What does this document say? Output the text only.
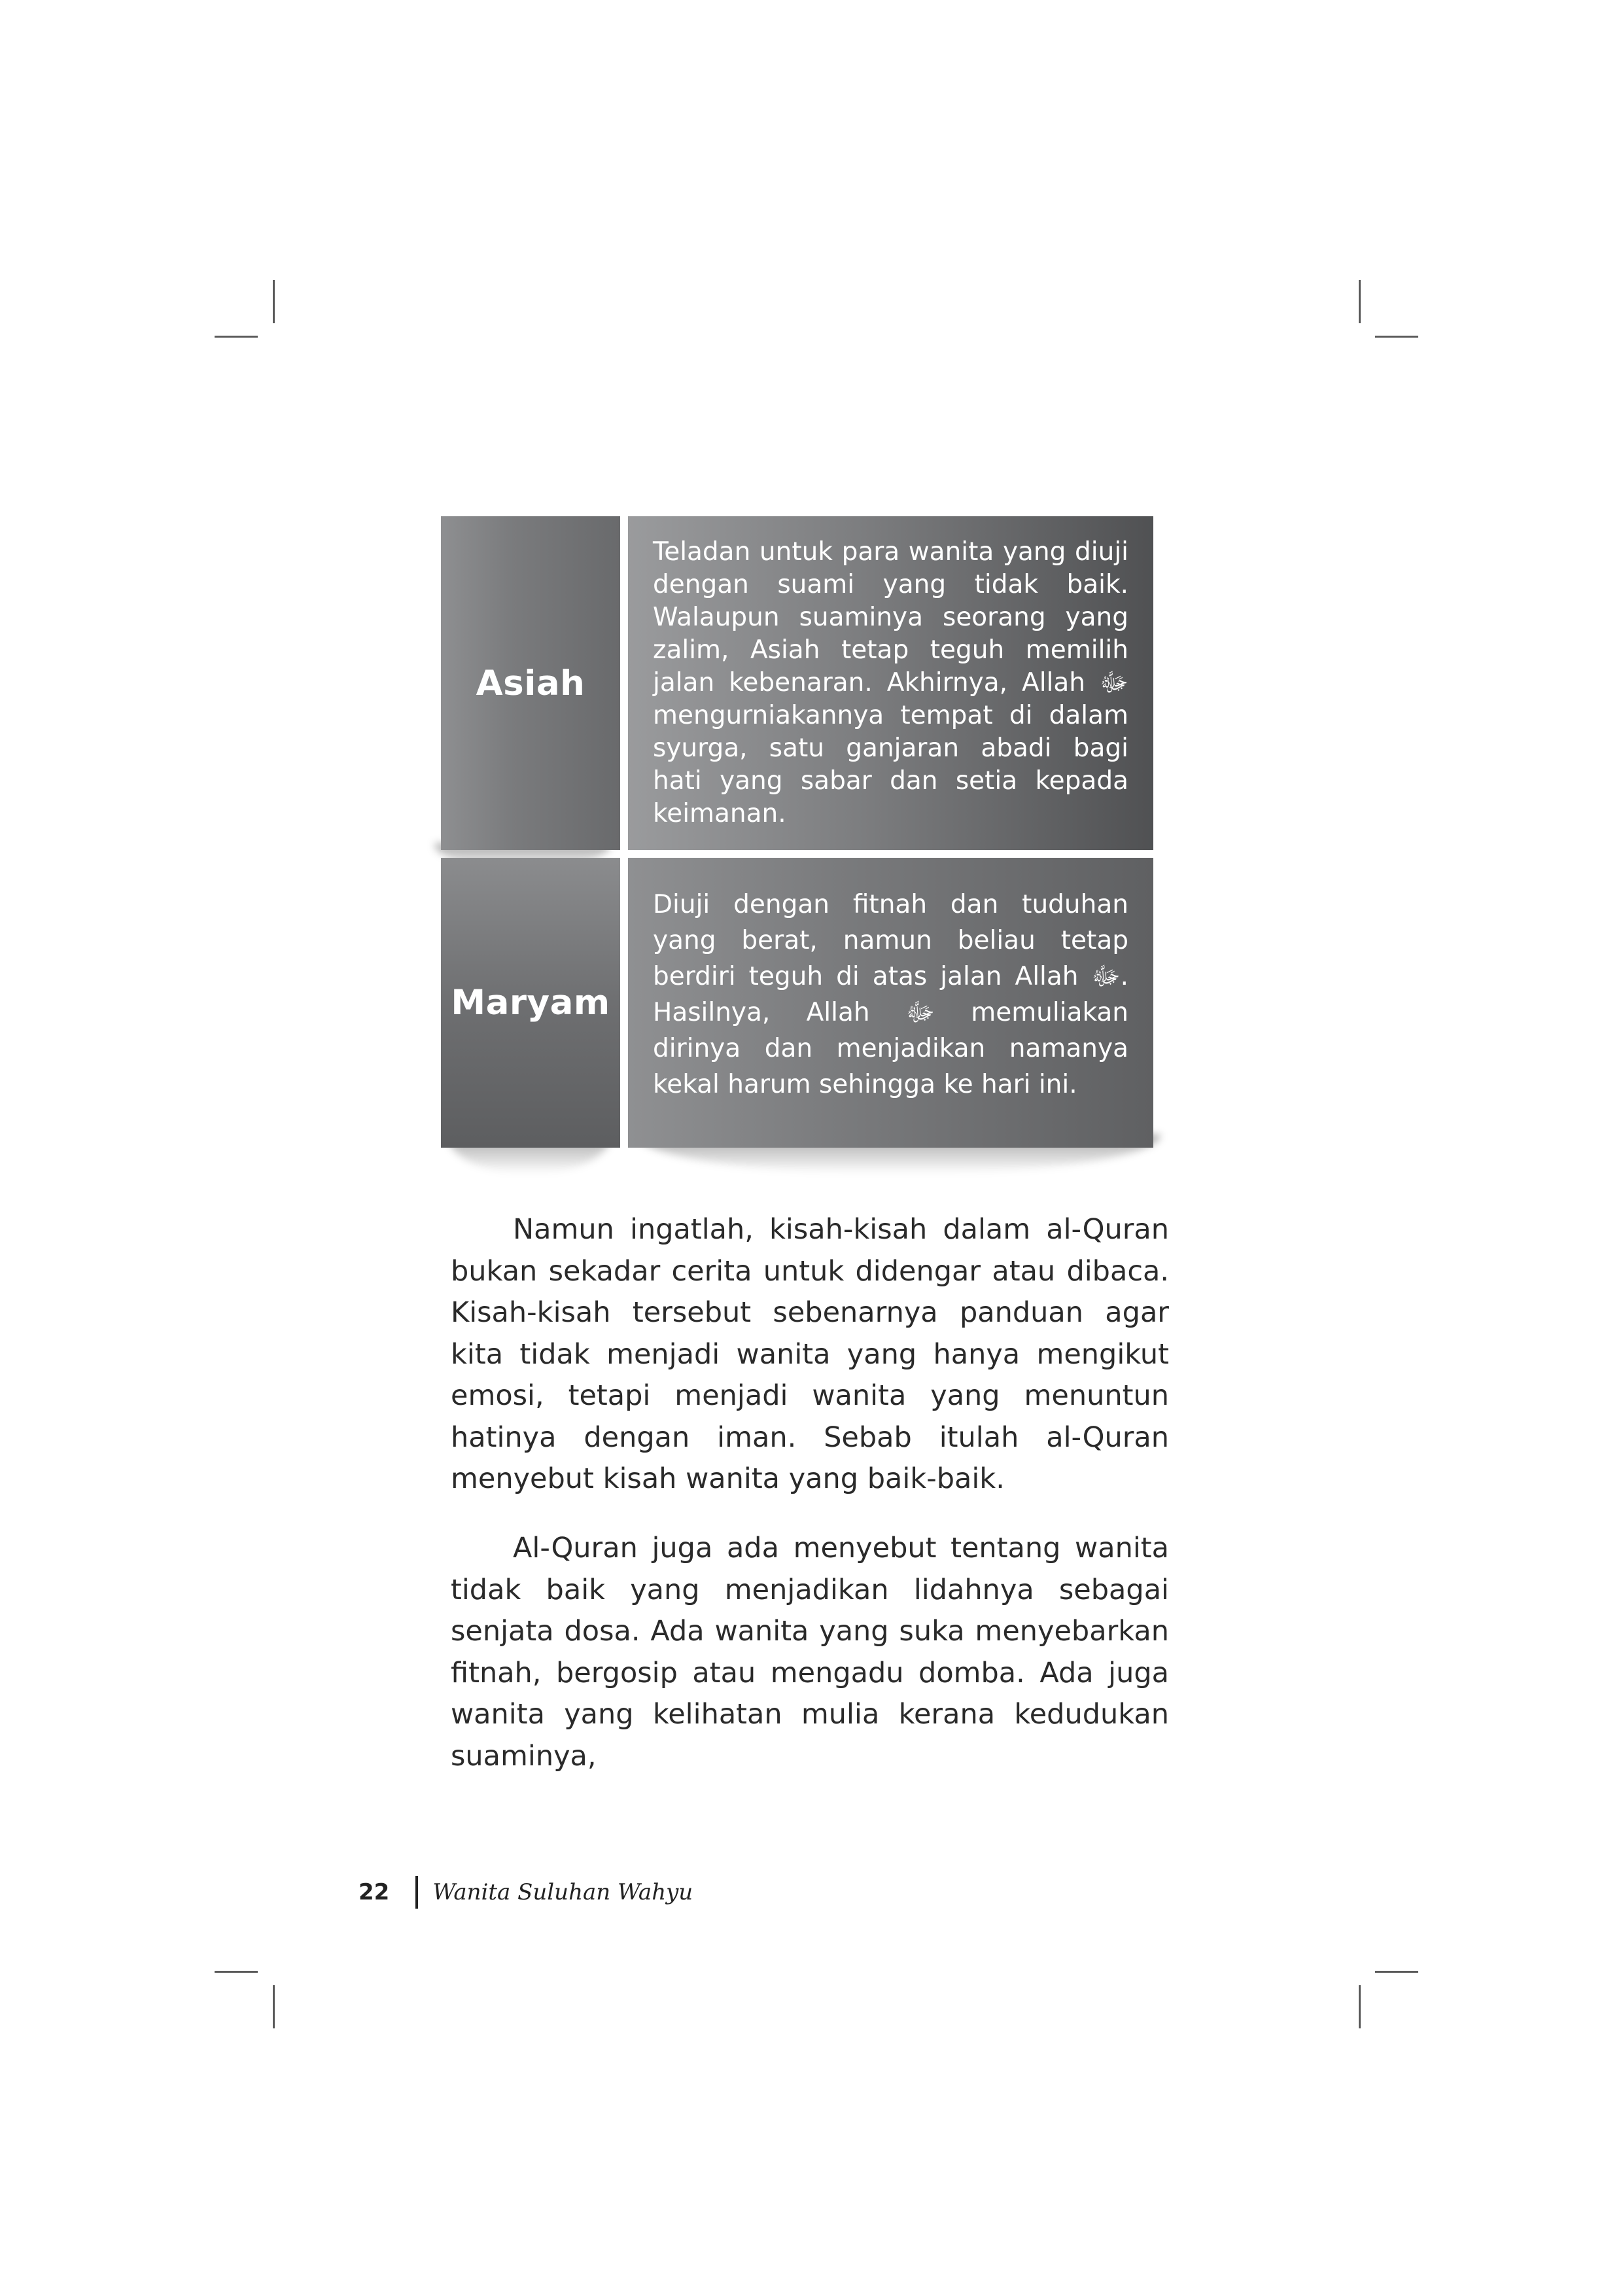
Asiah

Teladan untuk para wanita yang diuji dengan suami yang tidak baik. Walaupun suaminya seorang yang zalim, Asiah tetap teguh memilih jalan kebenaran. Akhirnya, Allah ﷻ mengurniakannya tempat di dalam syurga, satu ganjaran abadi bagi hati yang sabar dan setia kepada keimanan.

Maryam

Diuji dengan fitnah dan tuduhan yang berat, namun beliau tetap berdiri teguh di atas jalan Allah ﷻ. Hasilnya, Allah ﷻ memuliakan dirinya dan menjadikan namanya kekal harum sehingga ke hari ini.

Namun ingatlah, kisah-kisah dalam al-Quran bukan sekadar cerita untuk didengar atau dibaca. Kisah-kisah tersebut sebenarnya panduan agar kita tidak menjadi wanita yang hanya mengikut emosi, tetapi menjadi wanita yang menuntun hatinya dengan iman. Sebab itulah al-Quran menyebut kisah wanita yang baik-baik.

Al-Quran juga ada menyebut tentang wanita tidak baik yang menjadikan lidahnya sebagai senjata dosa. Ada wanita yang suka menyebarkan fitnah, bergosip atau mengadu domba. Ada juga wanita yang kelihatan mulia kerana kedudukan suaminya,

22 Wanita Suluhan Wahyu
